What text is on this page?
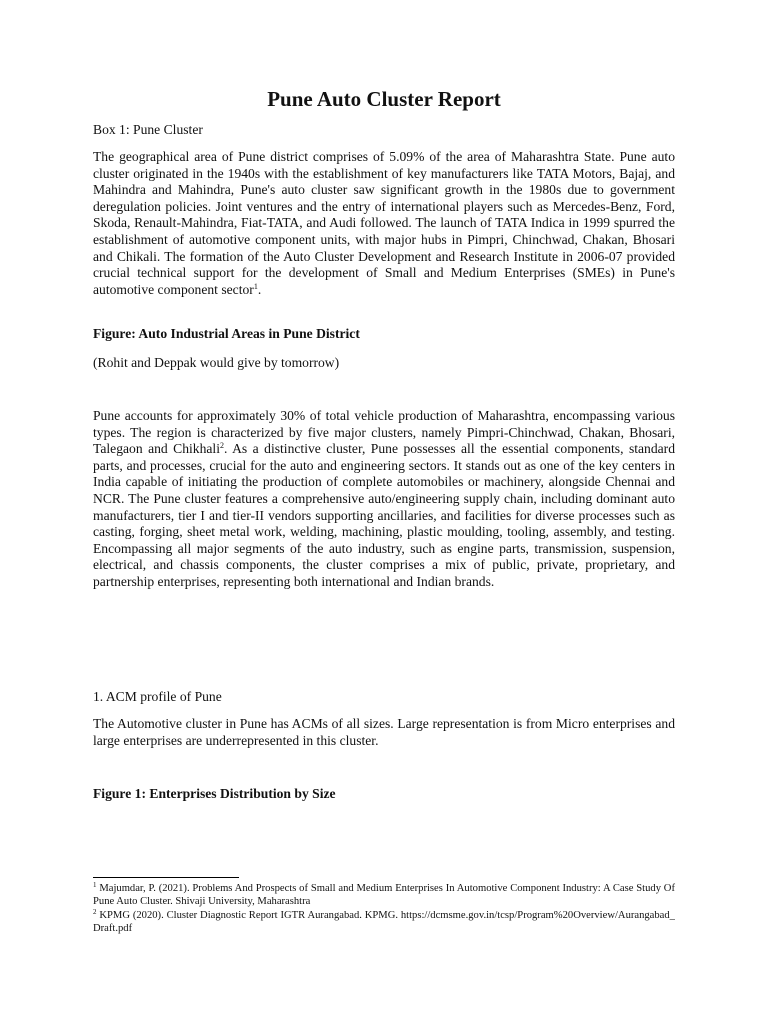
Pune Auto Cluster Report

Box 1: Pune Cluster

The geographical area of Pune district comprises of 5.09% of the area of Maharashtra State. Pune auto cluster originated in the 1940s with the establishment of key manufacturers like TATA Motors, Bajaj, and Mahindra and Mahindra, Pune's auto cluster saw significant growth in the 1980s due to government deregulation policies. Joint ventures and the entry of international players such as Mercedes-Benz, Ford, Skoda, Renault-Mahindra, Fiat-TATA, and Audi followed. The launch of TATA Indica in 1999 spurred the establishment of automotive component units, with major hubs in Pimpri, Chinchwad, Chakan, Bhosari and Chikali. The formation of the Auto Cluster Development and Research Institute in 2006-07 provided crucial technical support for the development of Small and Medium Enterprises (SMEs) in Pune's automotive component sector$^1$.

Figure: Auto Industrial Areas in Pune District

(Rohit and Deppak would give by tomorrow)

Pune accounts for approximately 30% of total vehicle production of Maharashtra, encompassing various types. The region is characterized by five major clusters, namely Pimpri-Chinchwad, Chakan, Bhosari, Talegaon and Chikhali$^2$. As a distinctive cluster, Pune possesses all the essential components, standard parts, and processes, crucial for the auto and engineering sectors. It stands out as one of the key centers in India capable of initiating the production of complete automobiles or machinery, alongside Chennai and NCR. The Pune cluster features a comprehensive auto/engineering supply chain, including dominant auto manufacturers, tier I and tier-II vendors supporting ancillaries, and facilities for diverse processes such as casting, forging, sheet metal work, welding, machining, plastic moulding, tooling, assembly, and testing. Encompassing all major segments of the auto industry, such as engine parts, transmission, suspension, electrical, and chassis components, the cluster comprises a mix of public, private, proprietary, and partnership enterprises, representing both international and Indian brands.

1. ACM profile of Pune

The Automotive cluster in Pune has ACMs of all sizes. Large representation is from Micro enterprises and large enterprises are underrepresented in this cluster.

Figure 1: Enterprises Distribution by Size

$^1$ Majumdar, P. (2021). Problems And Prospects of Small and Medium Enterprises In Automotive Component Industry: A Case Study Of Pune Auto Cluster. Shivaji University, Maharashtra

$^2$ KPMG (2020). Cluster Diagnostic Report IGTR Aurangabad. KPMG. https://dcmsme.gov.in/tcsp/Program%20Overview/Aurangabad_Draft.pdf
